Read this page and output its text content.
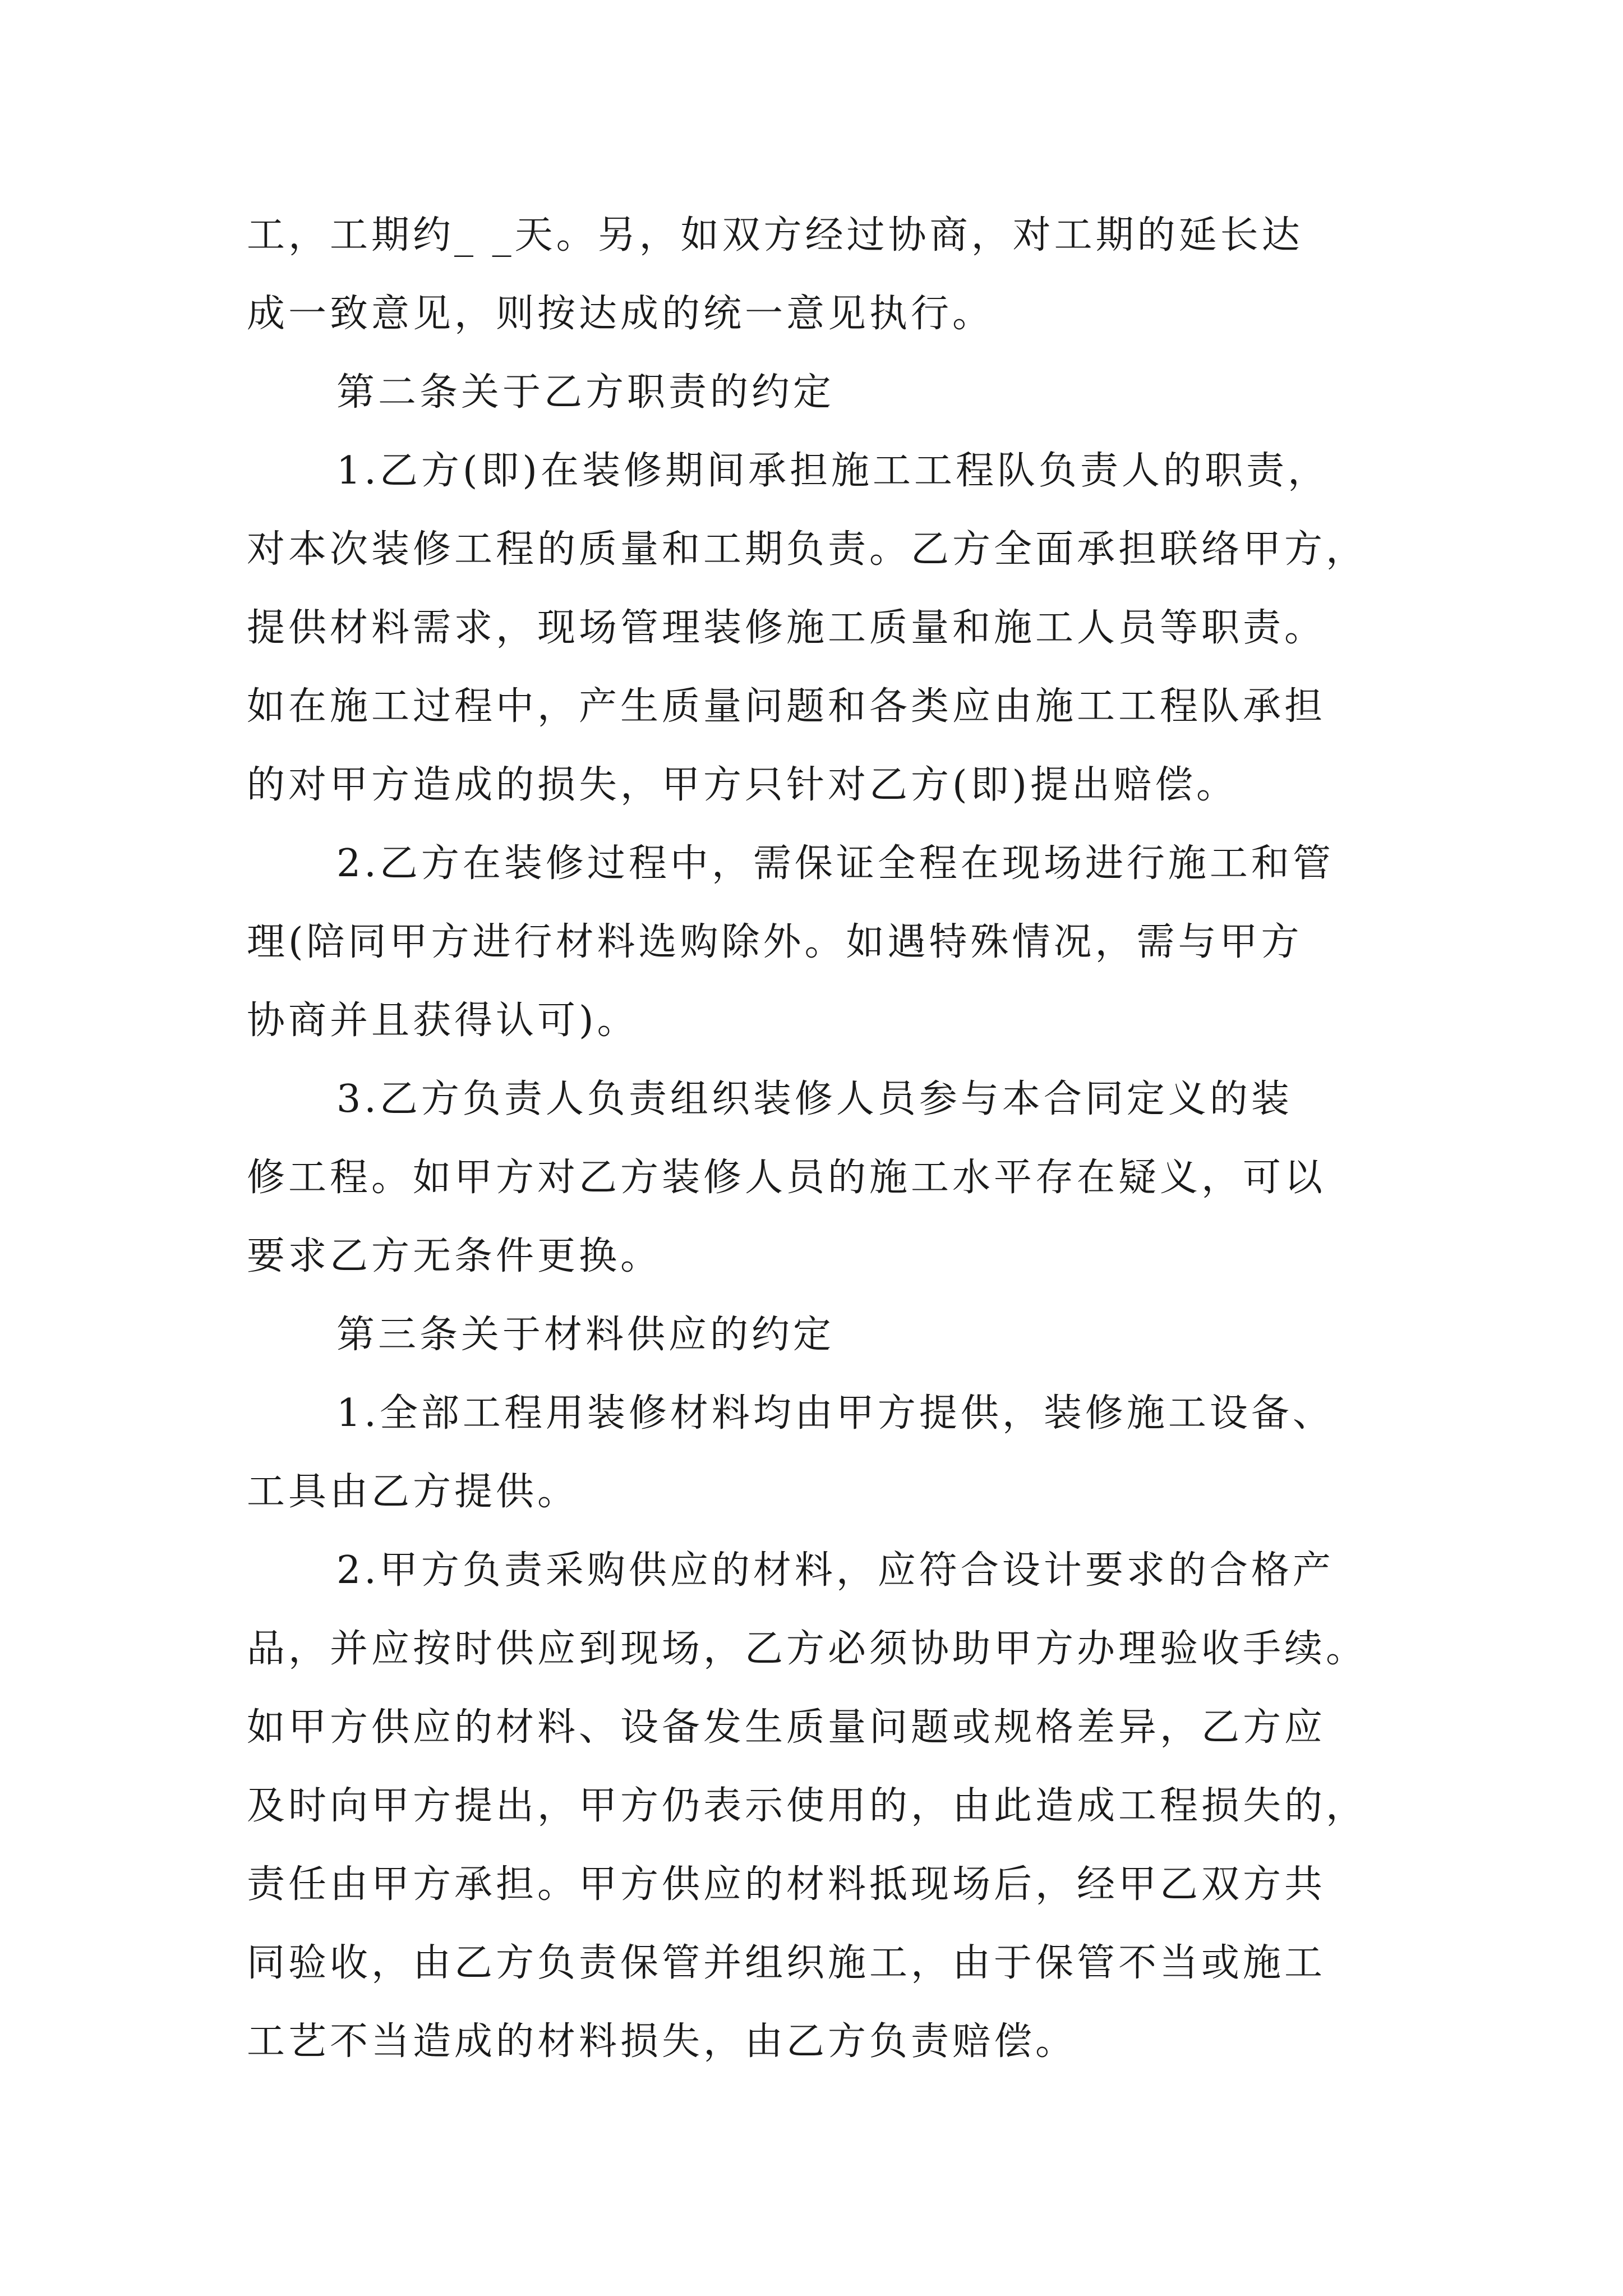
工，工期约_ _天。另，如双方经过协商，对工期的延长达
成一致意见，则按达成的统一意见执行。
第二条关于乙方职责的约定
1.乙方(即)在装修期间承担施工工程队负责人的职责，
对本次装修工程的质量和工期负责。乙方全面承担联络甲方，
提供材料需求，现场管理装修施工质量和施工人员等职责。
如在施工过程中，产生质量问题和各类应由施工工程队承担
的对甲方造成的损失，甲方只针对乙方(即)提出赔偿。
2.乙方在装修过程中，需保证全程在现场进行施工和管
理(陪同甲方进行材料选购除外。如遇特殊情况，需与甲方
协商并且获得认可)。
3.乙方负责人负责组织装修人员参与本合同定义的装
修工程。如甲方对乙方装修人员的施工水平存在疑义，可以
要求乙方无条件更换。
第三条关于材料供应的约定
1.全部工程用装修材料均由甲方提供，装修施工设备、
工具由乙方提供。
2.甲方负责采购供应的材料，应符合设计要求的合格产
品，并应按时供应到现场，乙方必须协助甲方办理验收手续。
如甲方供应的材料、设备发生质量问题或规格差异，乙方应
及时向甲方提出，甲方仍表示使用的，由此造成工程损失的，
责任由甲方承担。甲方供应的材料抵现场后，经甲乙双方共
同验收，由乙方负责保管并组织施工，由于保管不当或施工
工艺不当造成的材料损失，由乙方负责赔偿。
